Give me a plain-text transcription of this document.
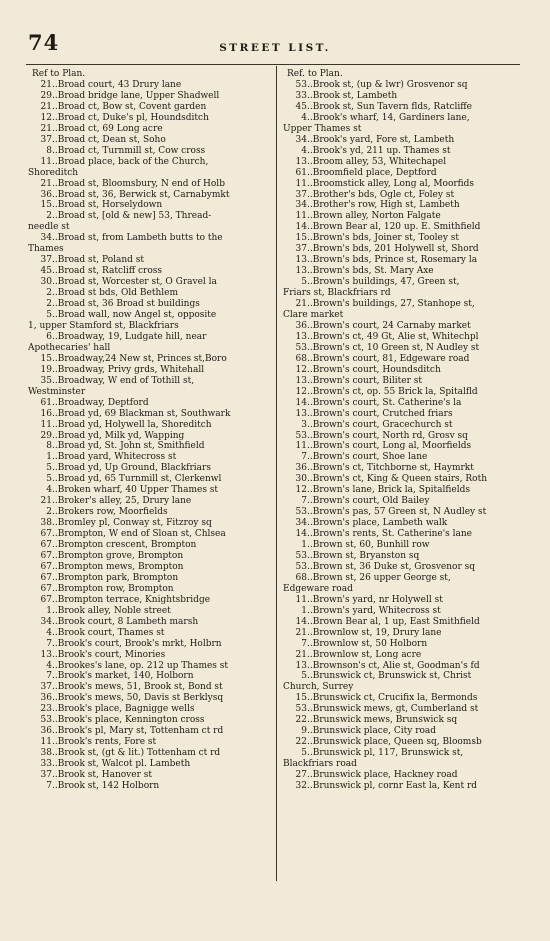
74	STREET LIST.
Ref to Plan.
21..Broad court, 43 Drury lane
29..Broad bridge lane, Upper Shadwell
21..Broad ct, Bow st, Covent garden
12..Broad ct, Duke's pl, Houndsditch
21..Broad ct, 69 Long acre
37..Broad ct, Dean st, Soho
8..Broad ct, Turnmill st, Cow cross
11..Broad place, back of the Church,
Shoreditch
21..Broad st, Bloomsbury, N end of Holb
36..Broad st, 36, Berwick st, Carnabymkt
15..Broad st, Horselydown
2..Broad st, [old & new] 53, Thread-
needle st
34..Broad st, from Lambeth butts to the
Thames
37..Broad st, Poland st
45..Broad st, Ratcliff cross
30..Broad st, Worcester st, O Gravel la
2..Broad st bds, Old Bethlem
2..Broad st, 36 Broad st buildings
5..Broad wall, now Angel st, opposite
1, upper Stamford st, Blackfriars
6..Broadway, 19, Ludgate hill, near
Apothecaries' hall
15..Broadway,24 New st, Princes st,Boro
19..Broadway, Privy grds, Whitehall
35..Broadway, W end of Tothill st,
Westminster
61..Broadway, Deptford
16..Broad yd, 69 Blackman st, Southwark
11..Broad yd, Holywell la, Shoreditch
29..Broad yd, Milk yd, Wapping
8..Broad yd, St. John st, Smithfield
1..Broad yard, Whitecross st
5..Broad yd, Up Ground, Blackfriars
5..Broad yd, 65 Turnmill st, Clerkenwl
4..Broken wharf, 40 Upper Thames st
21..Broker's alley, 25, Drury lane
2..Brokers row, Moorfields
38..Bromley pl, Conway st, Fitzroy sq
67..Brompton, W end of Sloan st, Chlsea
67..Brompton crescent, Brompton
67..Brompton grove, Brompton
67..Brompton mews, Brompton
67..Brompton park, Brompton
67..Brompton row, Brompton
67..Brompton terrace, Knightsbridge
1..Brook alley, Noble street
34..Brook court, 8 Lambeth marsh
4..Brook court, Thames st
7..Brook's court, Brook's mrkt, Holbrn
13..Brook's court, Minories
4..Brookes's lane, op. 212 up Thames st
7..Brook's market, 140, Holborn
37..Brook's mews, 51, Brook st, Bond st
36..Brook's mews, 50, Davis st Berklysq
23..Brook's place, Bagnigge wells
53..Brook's place, Kennington cross
36..Brook's pl, Mary st, Tottenham ct rd
11..Brook's rents, Fore st
38..Brook st, (gt & lit.) Tottenham ct rd
33..Brook st, Walcot pl. Lambeth
37..Brook st, Hanover st
7..Brook st, 142 Holborn
Ref. to Plan.
53..Brook st, (up & lwr) Grosvenor sq
33..Brook st, Lambeth
45..Brook st, Sun Tavern flds, Ratcliffe
4..Brook's wharf, 14, Gardiners lane,
Upper Thames st
34..Brook's yard, Fore st, Lambeth
4..Brook's yd, 211 up. Thames st
13..Broom alley, 53, Whitechapel
61..Broomfield place, Deptford
11..Broomstick alley, Long al, Moorfids
37..Brother's bds, Ogle ct, Foley st
34..Brother's row, High st, Lambeth
11..Brown alley, Norton Falgate
14..Brown Bear al, 120 up. E. Smithfield
15..Brown's bds, Joiner st, Tooley st
37..Brown's bds, 201 Holywell st, Shord
13..Brown's bds, Prince st, Rosemary la
13..Brown's bds, St. Mary Axe
5..Brown's buildings, 47, Green st,
Friars st, Blackfriars rd
21..Brown's buildings, 27, Stanhope st,
Clare market
36..Brown's court, 24 Carnaby market
13..Brown's ct, 49 Gt, Alie st, Whitechpl
53..Brown's ct, 10 Green st, N Audley st
68..Brown's court, 81, Edgeware road
12..Brown's court, Houndsditch
13..Brown's court, Biliter st
12..Brown's ct, op. 55 Brick la, Spitalfld
14..Brown's court, St. Catherine's la
13..Brown's court, Crutched friars
3..Brown's court, Gracechurch st
53..Brown's court, North rd, Grosv sq
11..Brown's court, Long al, Moorfields
7..Brown's court, Shoe lane
36..Brown's ct, Titchborne st, Haymrkt
30..Brown's ct, King & Queen stairs, Roth
12..Brown's lane, Brick la, Spitalfields
7..Brown's court, Old Bailey
53..Brown's pas, 57 Green st, N Audley st
34..Brown's place, Lambeth walk
14..Brown's rents, St. Catherine's lane
1..Brown st, 60, Bunhill row
53..Brown st, Bryanston sq
53..Brown st, 36 Duke st, Grosvenor sq
68..Brown st, 26 upper George st,
Edgeware road
11..Brown's yard, nr Holywell st
1..Brown's yard, Whitecross st
14..Brown Bear al, 1 up, East Smithfield
21..Brownlow st, 19, Drury lane
7..Brownlow st, 50 Holborn
21..Brownlow st, Long acre
13..Brownson's ct, Alie st, Goodman's fd
5..Brunswick ct, Brunswick st, Christ
Church, Surrey
15..Brunswick ct, Crucifix la, Bermonds
53..Brunswick mews, gt, Cumberland st
22..Brunswick mews, Brunswick sq
9..Brunswick place, City road
22..Brunswick place, Queen sq, Bloomsb
5..Brunswick pl, 117, Brunswick st,
Blackfriars road
27..Brunswick place, Hackney road
32..Brunswick pl, cornr East la, Kent rd
